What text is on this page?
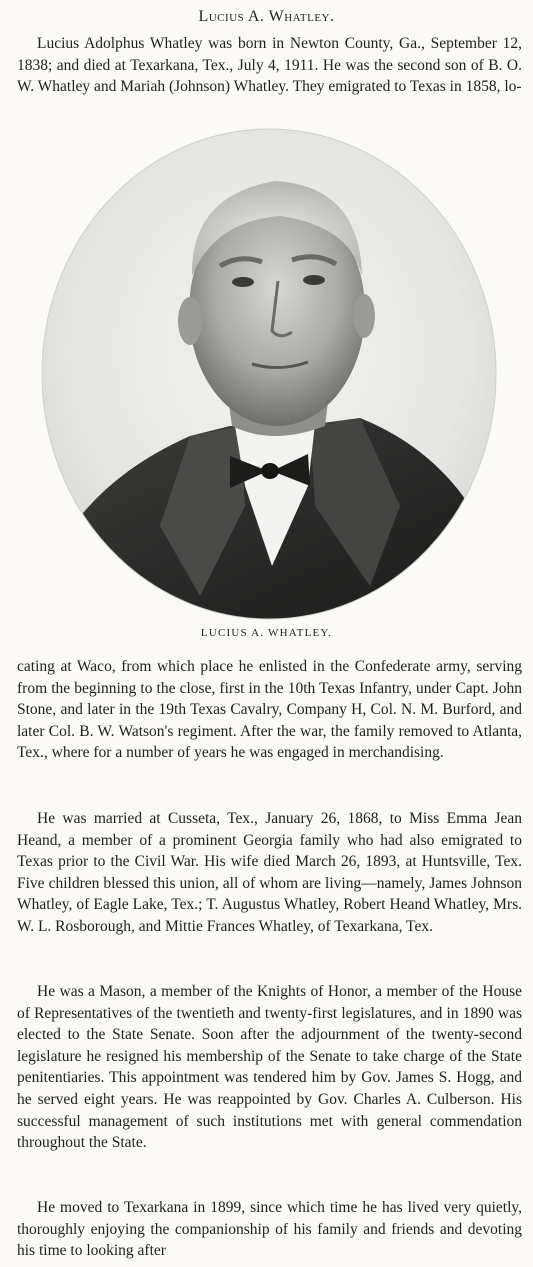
Lucius A. Whatley.

Lucius Adolphus Whatley was born in Newton County, Ga., September 12, 1838; and died at Texarkana, Tex., July 4, 1911. He was the second son of B. O. W. Whatley and Mariah (Johnson) Whatley. They emigrated to Texas in 1858, lo-

LUCIUS A. WHATLEY.

cating at Waco, from which place he enlisted in the Confederate army, serving from the beginning to the close, first in the 10th Texas Infantry, under Capt. John Stone, and later in the 19th Texas Cavalry, Company H, Col. N. M. Burford, and later Col. B. W. Watson's regiment. After the war, the family removed to Atlanta, Tex., where for a number of years he was engaged in merchandising.

He was married at Cusseta, Tex., January 26, 1868, to Miss Emma Jean Heand, a member of a prominent Georgia family who had also emigrated to Texas prior to the Civil War. His wife died March 26, 1893, at Huntsville, Tex. Five children blessed this union, all of whom are living—namely, James Johnson Whatley, of Eagle Lake, Tex.; T. Augustus Whatley, Robert Heand Whatley, Mrs. W. L. Rosborough, and Mittie Frances Whatley, of Texarkana, Tex.

He was a Mason, a member of the Knights of Honor, a member of the House of Representatives of the twentieth and twenty-first legislatures, and in 1890 was elected to the State Senate. Soon after the adjournment of the twenty-second legislature he resigned his membership of the Senate to take charge of the State penitentiaries. This appointment was tendered him by Gov. James S. Hogg, and he served eight years. He was reappointed by Gov. Charles A. Culberson. His successful management of such institutions met with general commendation throughout the State.

He moved to Texarkana in 1899, since which time he has lived very quietly, thoroughly enjoying the companionship of his family and friends and devoting his time to looking after
